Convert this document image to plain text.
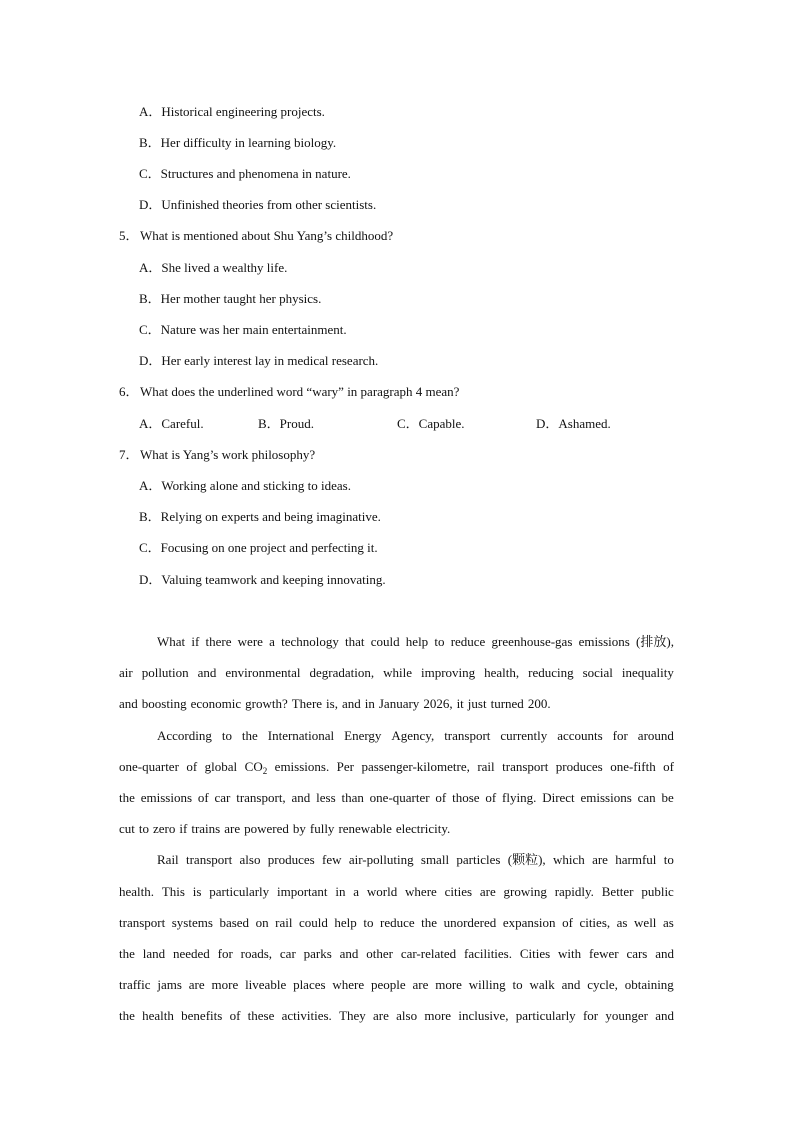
A．Historical engineering projects.
B．Her difficulty in learning biology.
C．Structures and phenomena in nature.
D．Unfinished theories from other scientists.
5．What is mentioned about Shu Yang’s childhood?
A．She lived a wealthy life.
B．Her mother taught her physics.
C．Nature was her main entertainment.
D．Her early interest lay in medical research.
6．What does the underlined word “wary” in paragraph 4 mean?
A．Careful.	B．Proud.	C．Capable.	D．Ashamed.
7．What is Yang’s work philosophy?
A．Working alone and sticking to ideas.
B．Relying on experts and being imaginative.
C．Focusing on one project and perfecting it.
D．Valuing teamwork and keeping innovating.
What if there were a technology that could help to reduce greenhouse-gas emissions (排放),
air pollution and environmental degradation, while improving health, reducing social inequality
and boosting economic growth? There is, and in January 2026, it just turned 200.
According to the International Energy Agency, transport currently accounts for around
one-quarter of global $CO_2$ emissions. Per passenger-kilometre, rail transport produces one-fifth of
the emissions of car transport, and less than one-quarter of those of flying. Direct emissions can be
cut to zero if trains are powered by fully renewable electricity.
Rail transport also produces few air-polluting small particles (颗粒), which are harmful to
health. This is particularly important in a world where cities are growing rapidly. Better public
transport systems based on rail could help to reduce the unordered expansion of cities, as well as
the land needed for roads, car parks and other car-related facilities. Cities with fewer cars and
traffic jams are more liveable places where people are more willing to walk and cycle, obtaining
the health benefits of these activities. They are also more inclusive, particularly for younger and
